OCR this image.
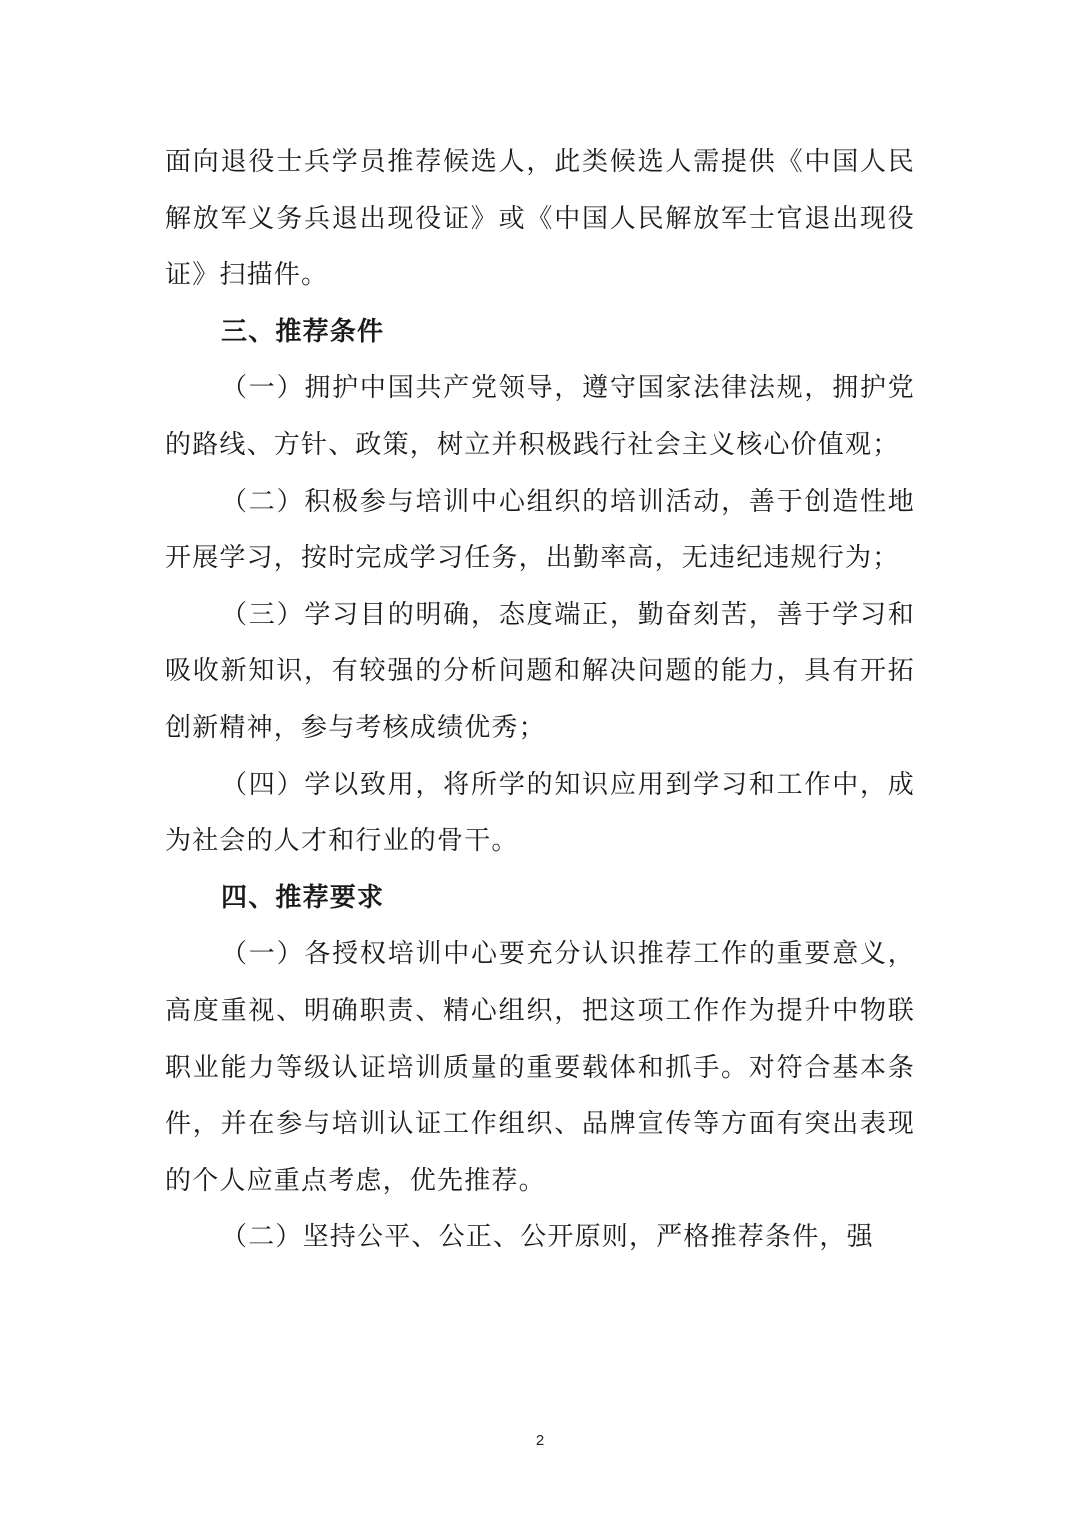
面向退役士兵学员推荐候选人，此类候选人需提供《中国人民解放军义务兵退出现役证》或《中国人民解放军士官退出现役证》扫描件。

三、推荐条件

（一）拥护中国共产党领导，遵守国家法律法规，拥护党的路线、方针、政策，树立并积极践行社会主义核心价值观；

（二）积极参与培训中心组织的培训活动，善于创造性地开展学习，按时完成学习任务，出勤率高，无违纪违规行为；

（三）学习目的明确，态度端正，勤奋刻苦，善于学习和吸收新知识，有较强的分析问题和解决问题的能力，具有开拓创新精神，参与考核成绩优秀；

（四）学以致用，将所学的知识应用到学习和工作中，成为社会的人才和行业的骨干。

四、推荐要求

（一）各授权培训中心要充分认识推荐工作的重要意义，高度重视、明确职责、精心组织，把这项工作作为提升中物联职业能力等级认证培训质量的重要载体和抓手。对符合基本条件，并在参与培训认证工作组织、品牌宣传等方面有突出表现的个人应重点考虑，优先推荐。

（二）坚持公平、公正、公开原则，严格推荐条件，强

2
